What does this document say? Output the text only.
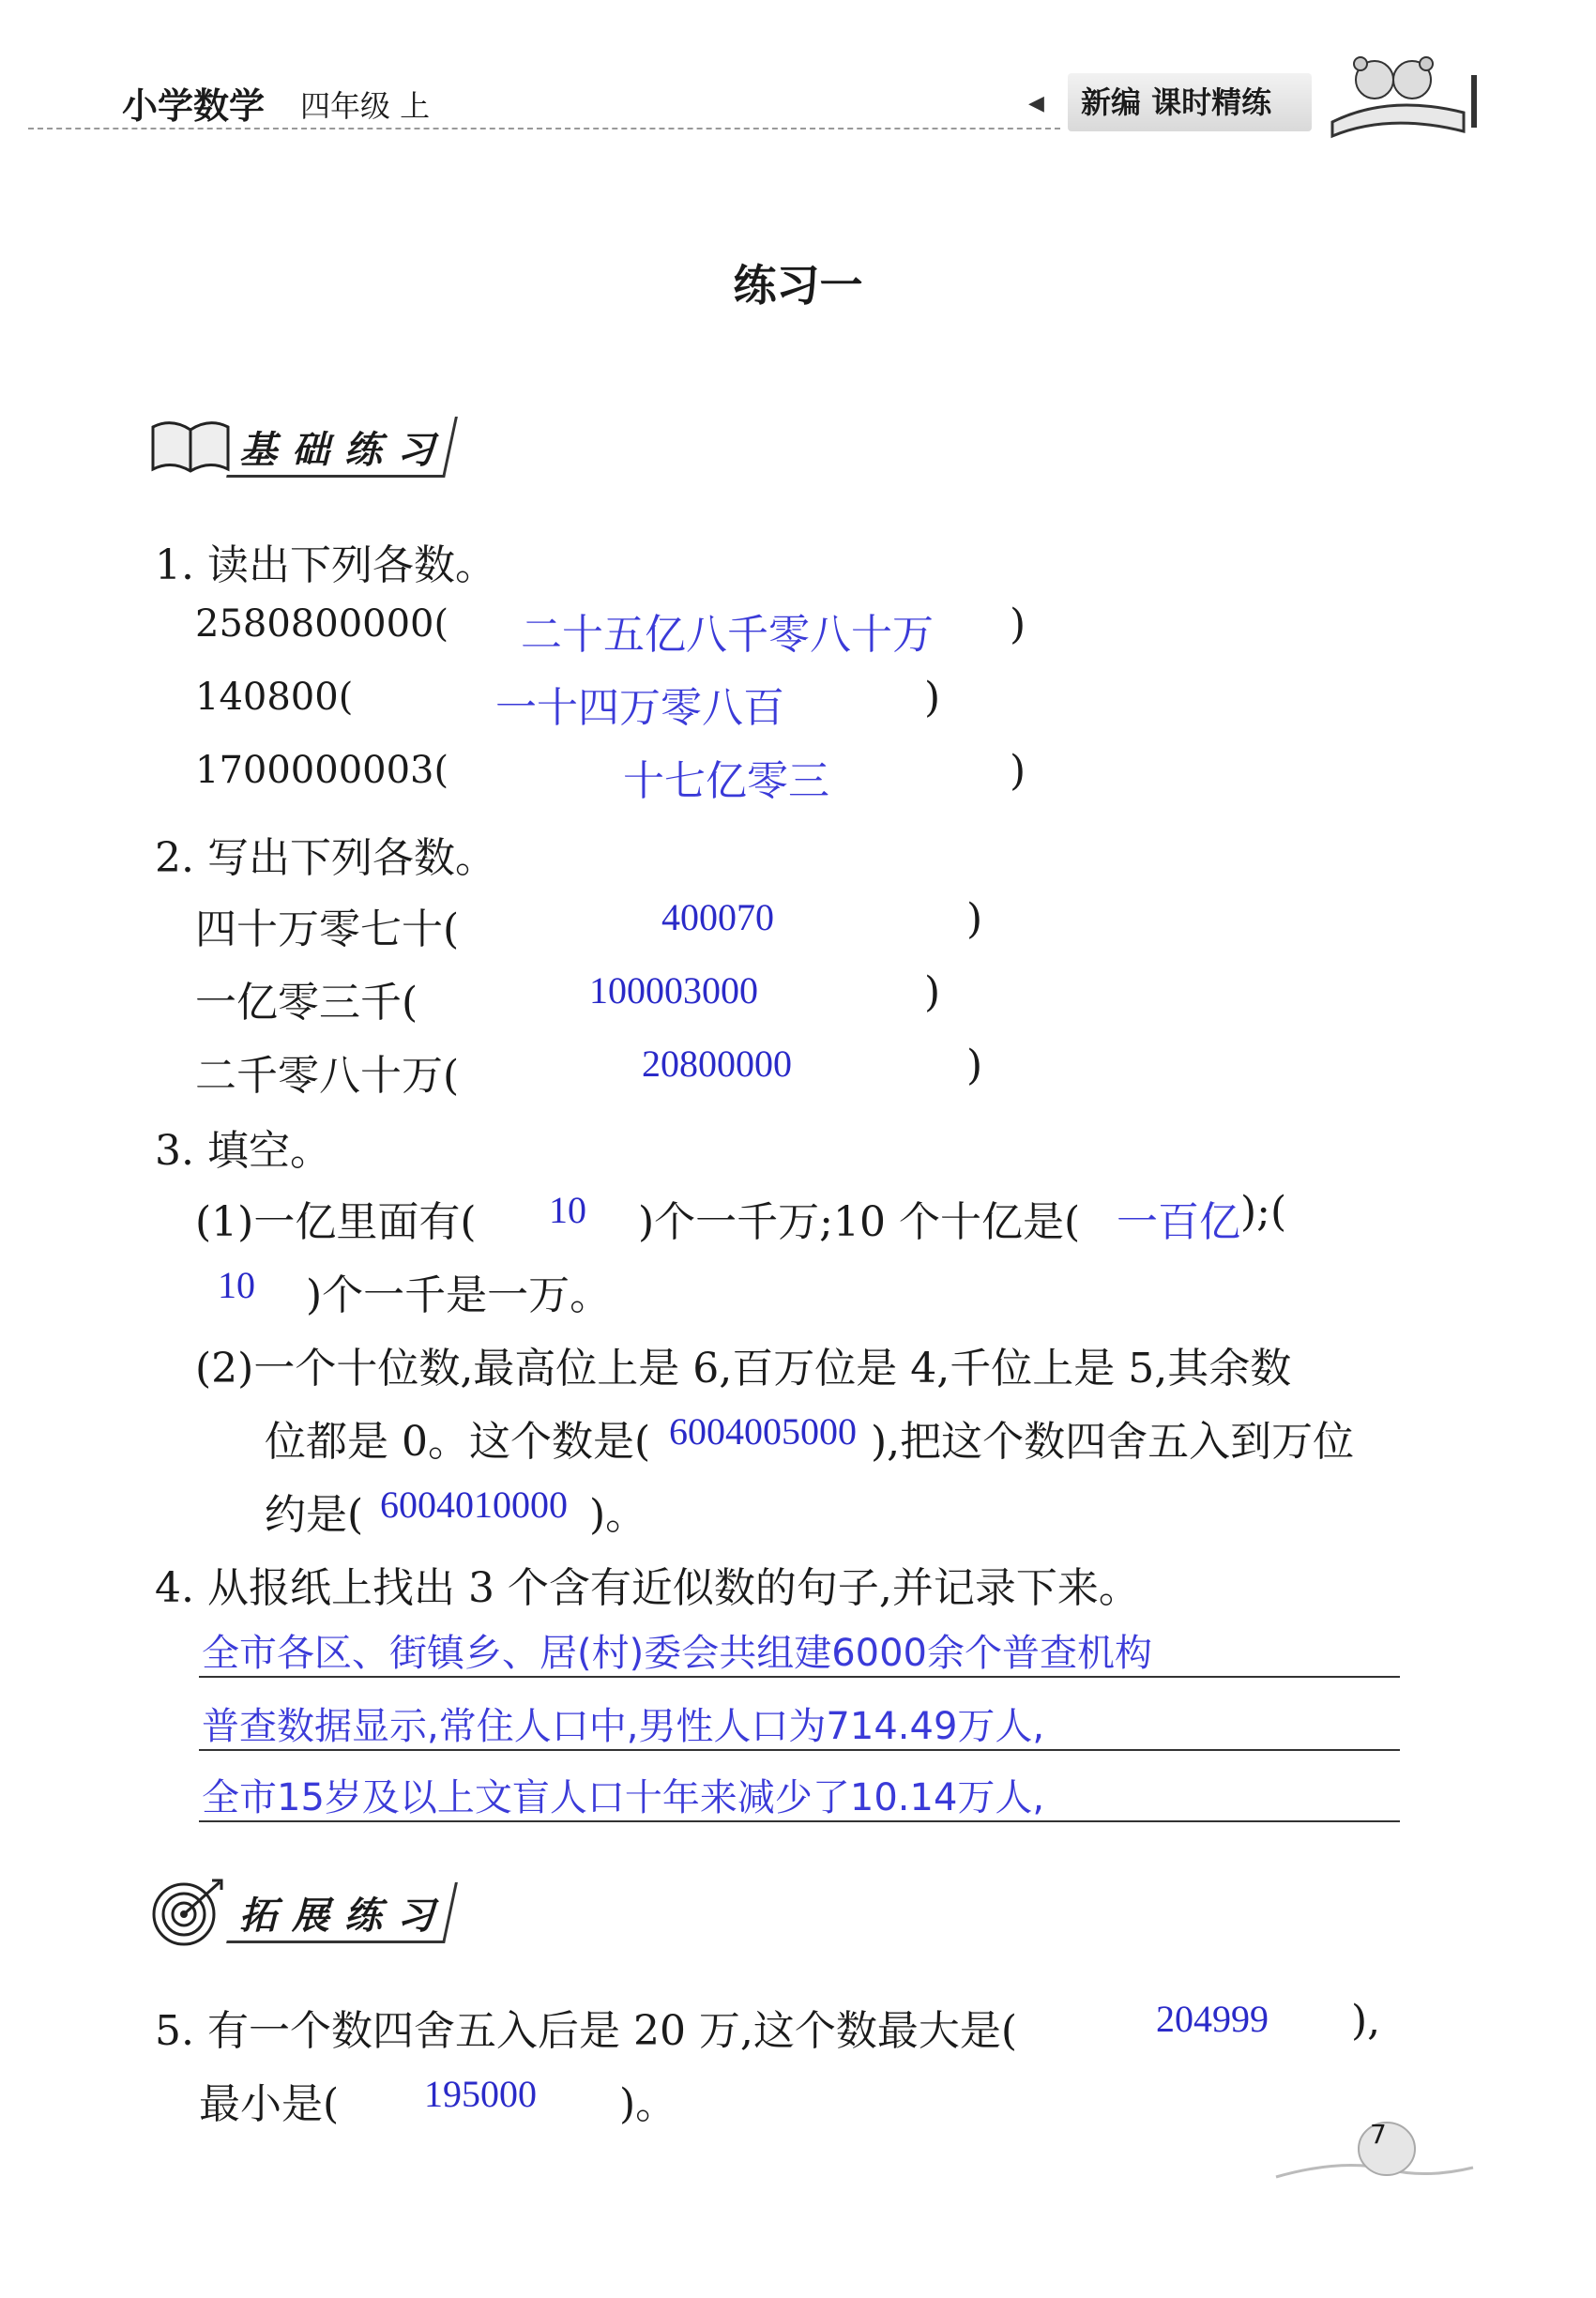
小学数学 四年级 上	◀	新编 课时精练
练习一
基础练习
1. 读出下列各数。
2580800000( 二十五亿八千零八十万 )
140800(	一十四万零八百	)
1700000003(	十七亿零三	)
2. 写出下列各数。
四十万零七十(	400070	)
一亿零三千(	100003000	)
二千零八十万(	20800000	)
3. 填空。
(1)一亿里面有( 10 )个一千万;10 个十亿是( 一百亿 );(
10 )个一千是一万。
(2)一个十位数,最高位上是 6,百万位是 4,千位上是 5,其余数
位都是 0。这个数是( 6004005000 ),把这个数四舍五入到万位
约是( 6004010000 )。
4. 从报纸上找出 3 个含有近似数的句子,并记录下来。
全市各区、街镇乡、居(村)委会共组建6000余个普查机构
普查数据显示,常住人口中,男性人口为714.49万人,
全市15岁及以上文盲人口十年来减少了10.14万人,
拓展练习
5. 有一个数四舍五入后是 20 万,这个数最大是(	204999 ),
最小是( 195000 )。
7
